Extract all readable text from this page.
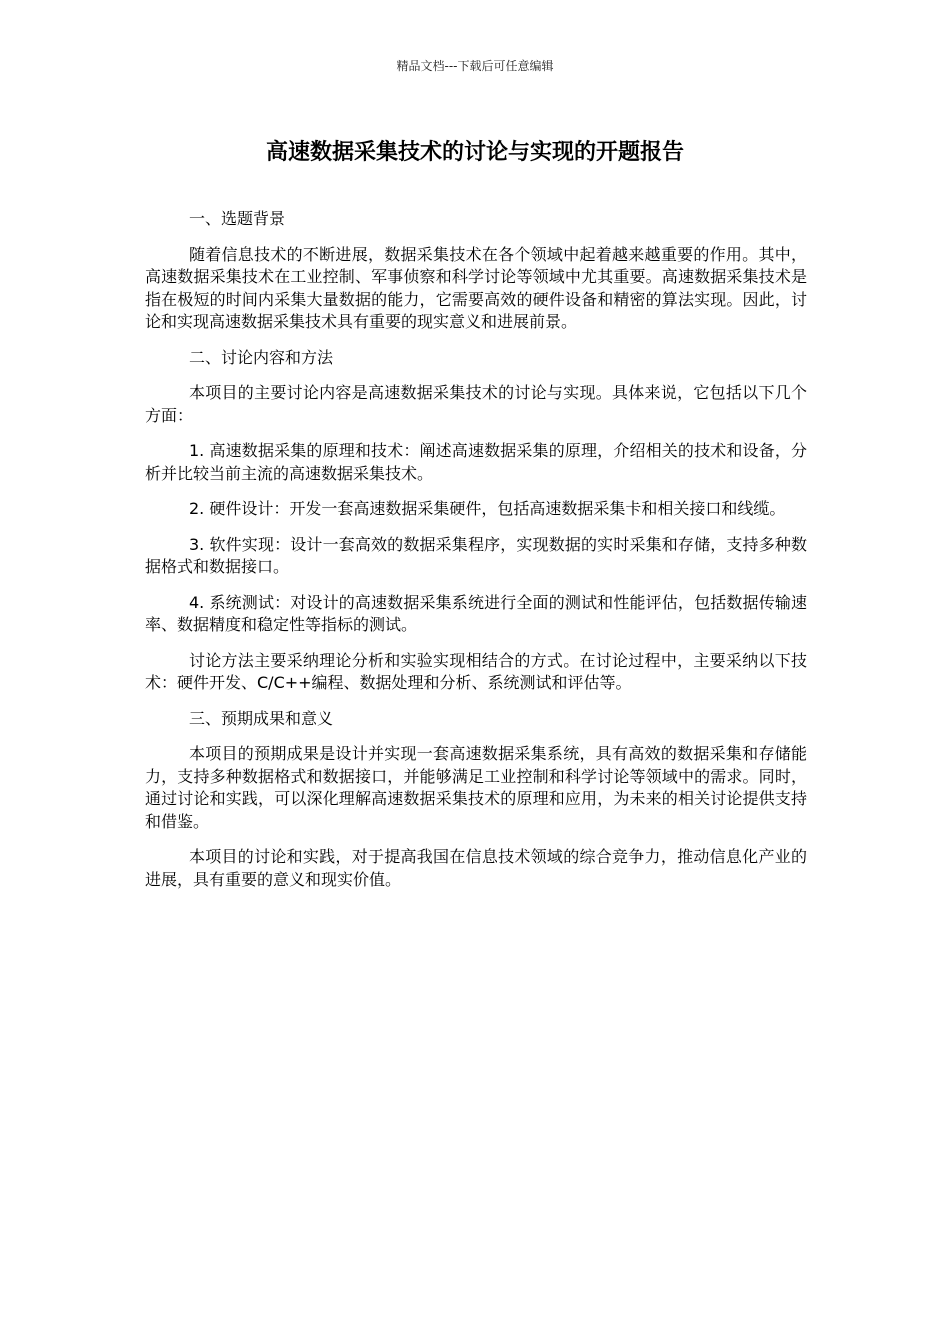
精品文档---下载后可任意编辑
高速数据采集技术的讨论与实现的开题报告

一、选题背景

随着信息技术的不断进展，数据采集技术在各个领域中起着越来越重要的作用。其中，高速数据采集技术在工业控制、军事侦察和科学讨论等领域中尤其重要。高速数据采集技术是指在极短的时间内采集大量数据的能力，它需要高效的硬件设备和精密的算法实现。因此，讨论和实现高速数据采集技术具有重要的现实意义和进展前景。

二、讨论内容和方法

本项目的主要讨论内容是高速数据采集技术的讨论与实现。具体来说，它包括以下几个方面：

1. 高速数据采集的原理和技术：阐述高速数据采集的原理，介绍相关的技术和设备，分析并比较当前主流的高速数据采集技术。

2. 硬件设计：开发一套高速数据采集硬件，包括高速数据采集卡和相关接口和线缆。

3. 软件实现：设计一套高效的数据采集程序，实现数据的实时采集和存储，支持多种数据格式和数据接口。

4. 系统测试：对设计的高速数据采集系统进行全面的测试和性能评估，包括数据传输速率、数据精度和稳定性等指标的测试。

讨论方法主要采纳理论分析和实验实现相结合的方式。在讨论过程中，主要采纳以下技术：硬件开发、C/C++编程、数据处理和分析、系统测试和评估等。

三、预期成果和意义

本项目的预期成果是设计并实现一套高速数据采集系统，具有高效的数据采集和存储能力，支持多种数据格式和数据接口，并能够满足工业控制和科学讨论等领域中的需求。同时，通过讨论和实践，可以深化理解高速数据采集技术的原理和应用，为未来的相关讨论提供支持和借鉴。

本项目的讨论和实践，对于提高我国在信息技术领域的综合竞争力，推动信息化产业的进展，具有重要的意义和现实价值。
